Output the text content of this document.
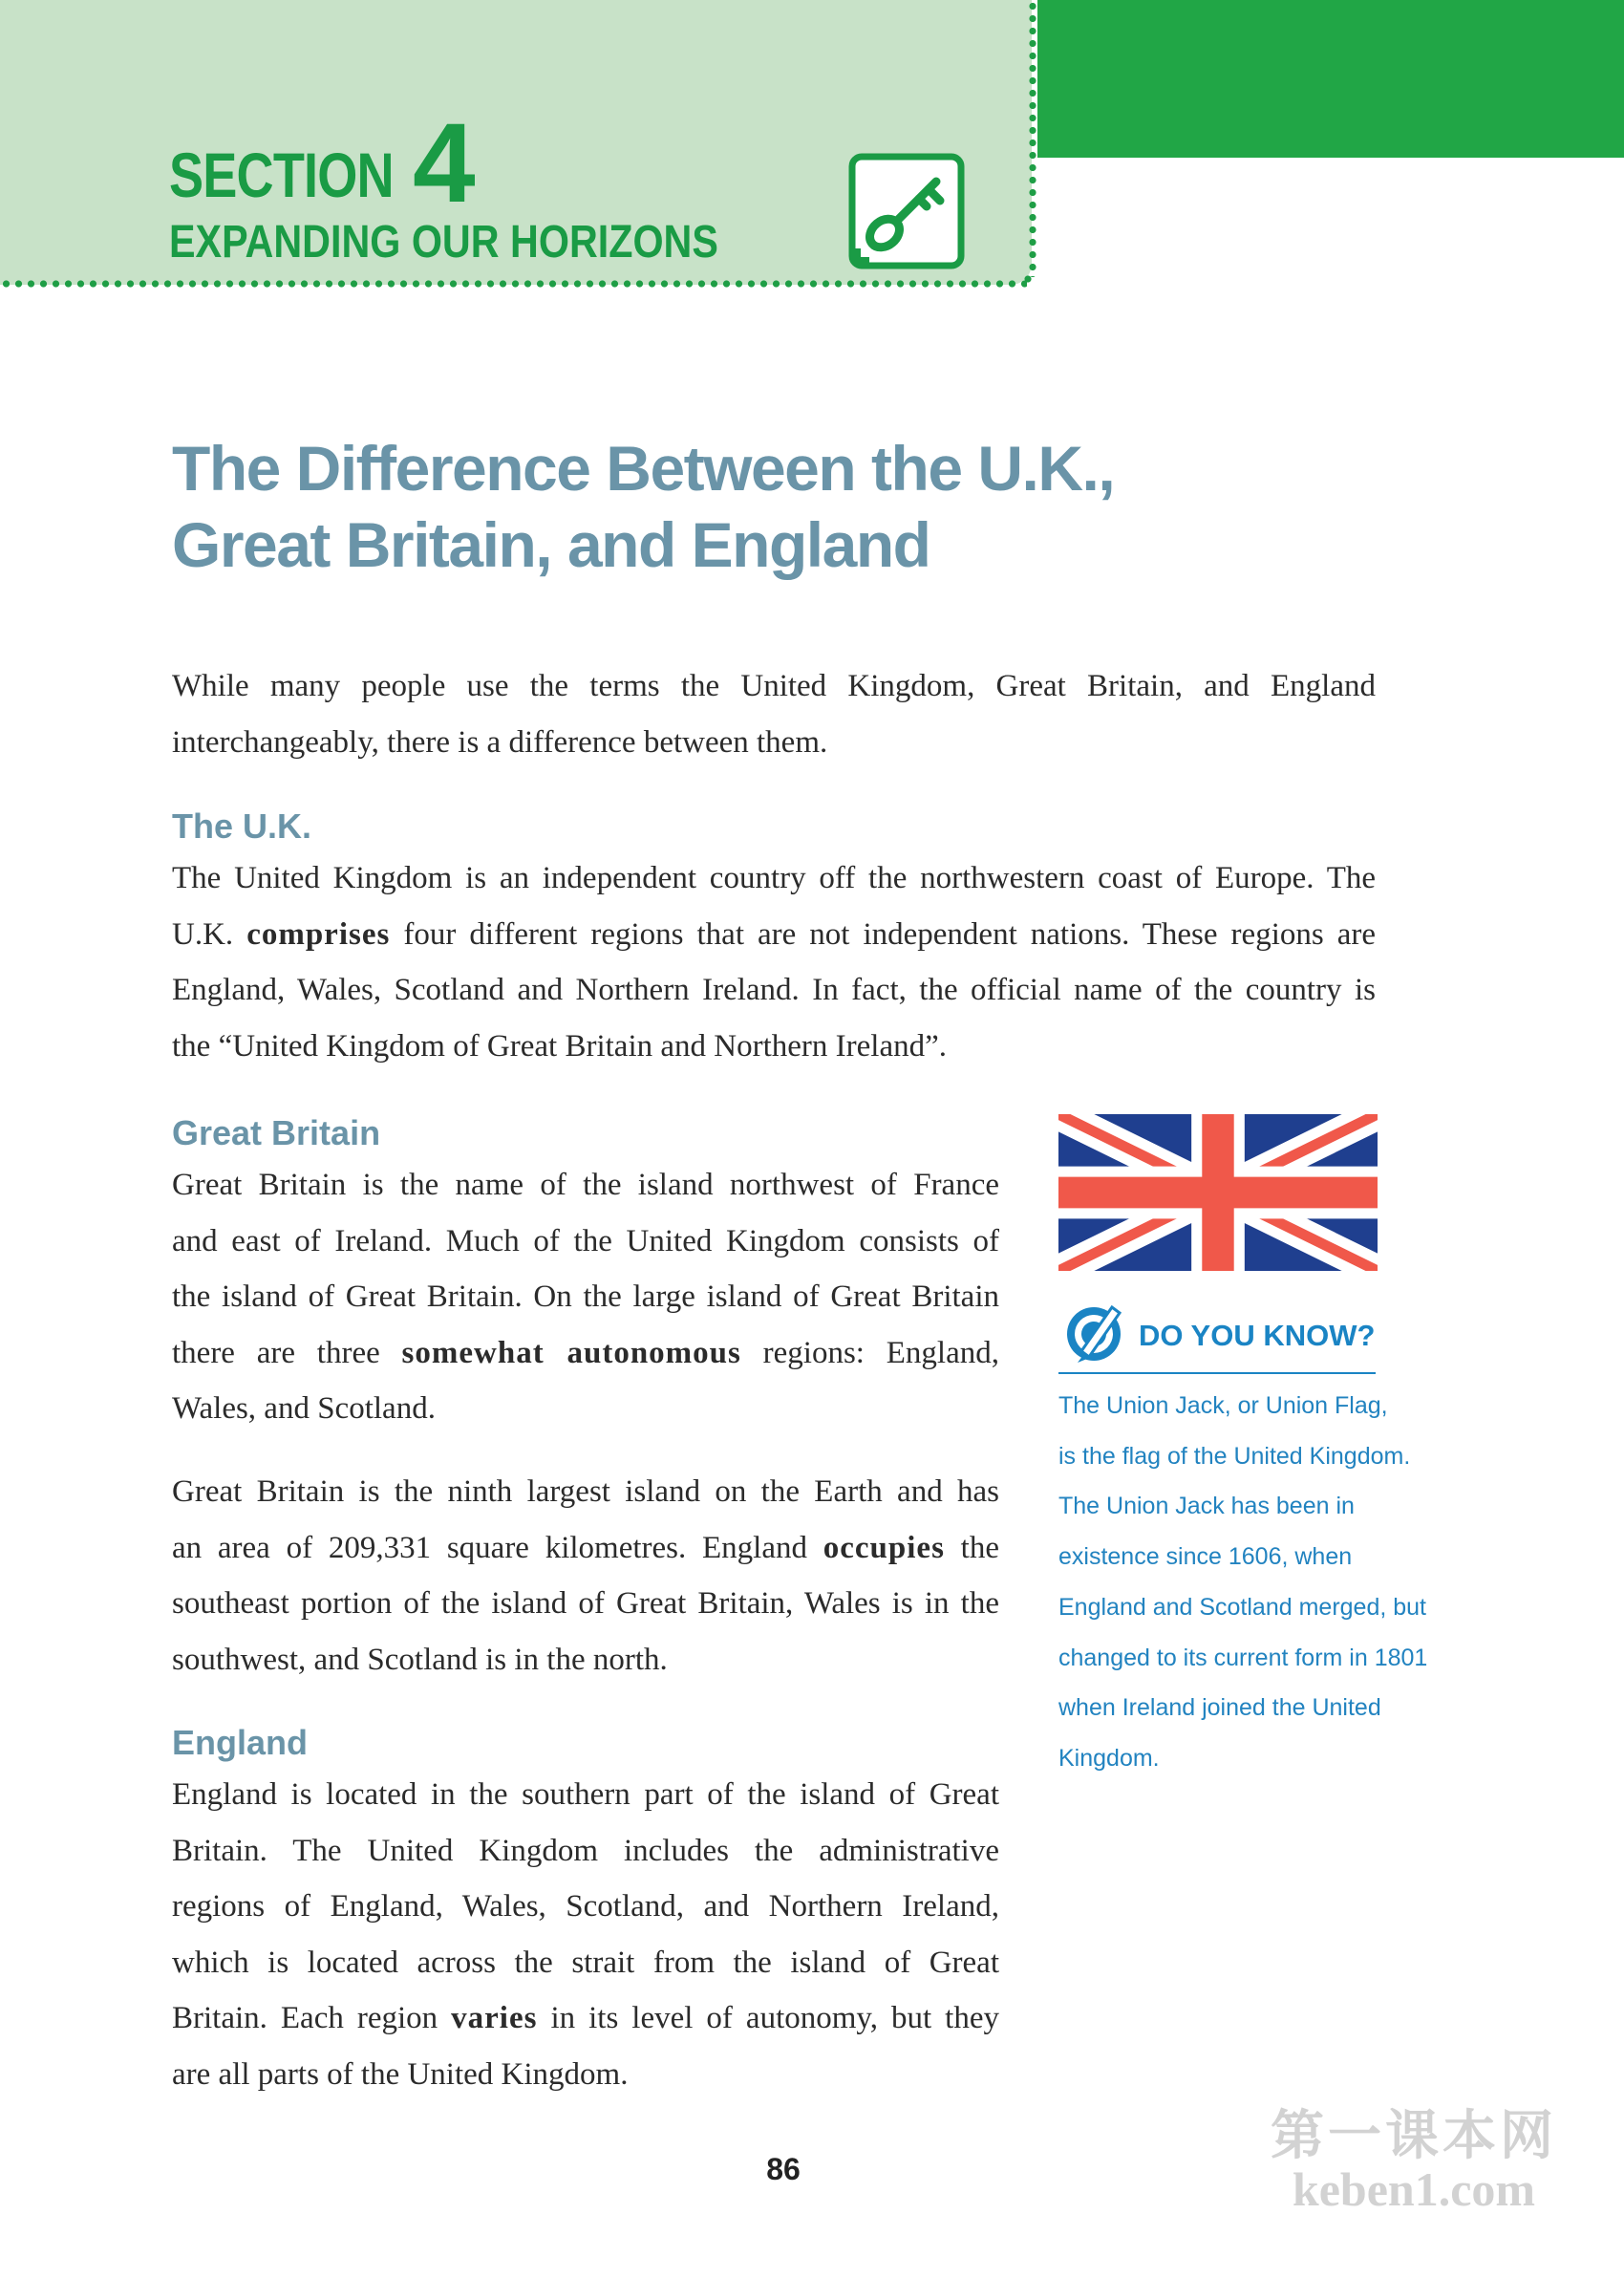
SECTION 4
EXPANDING OUR HORIZONS
The Difference Between the U.K.,
Great Britain, and England
While many people use the terms the United Kingdom, Great Britain, and England
interchangeably, there is a difference between them.
The U.K.
The United Kingdom is an independent country off the northwestern coast of Europe. The
U.K. comprises four different regions that are not independent nations. These regions are
England, Wales, Scotland and Northern Ireland. In fact, the official name of the country is
the “United Kingdom of Great Britain and Northern Ireland”.
Great Britain
Great Britain is the name of the island northwest of France
and east of Ireland. Much of the United Kingdom consists of
the island of Great Britain. On the large island of Great Britain
there are three somewhat autonomous regions: England,
Wales, and Scotland.
Great Britain is the ninth largest island on the Earth and has
an area of 209,331 square kilometres. England occupies the
southeast portion of the island of Great Britain, Wales is in the
southwest, and Scotland is in the north.
England
England is located in the southern part of the island of Great
Britain. The United Kingdom includes the administrative
regions of England, Wales, Scotland, and Northern Ireland,
which is located across the strait from the island of Great
Britain. Each region varies in its level of autonomy, but they
are all parts of the United Kingdom.
DO YOU KNOW?
The Union Jack, or Union Flag,
is the flag of the United Kingdom.
The Union Jack has been in
existence since 1606, when
England and Scotland merged, but
changed to its current form in 1801
when Ireland joined the United
Kingdom.
86
第一课本网
keben1.com
